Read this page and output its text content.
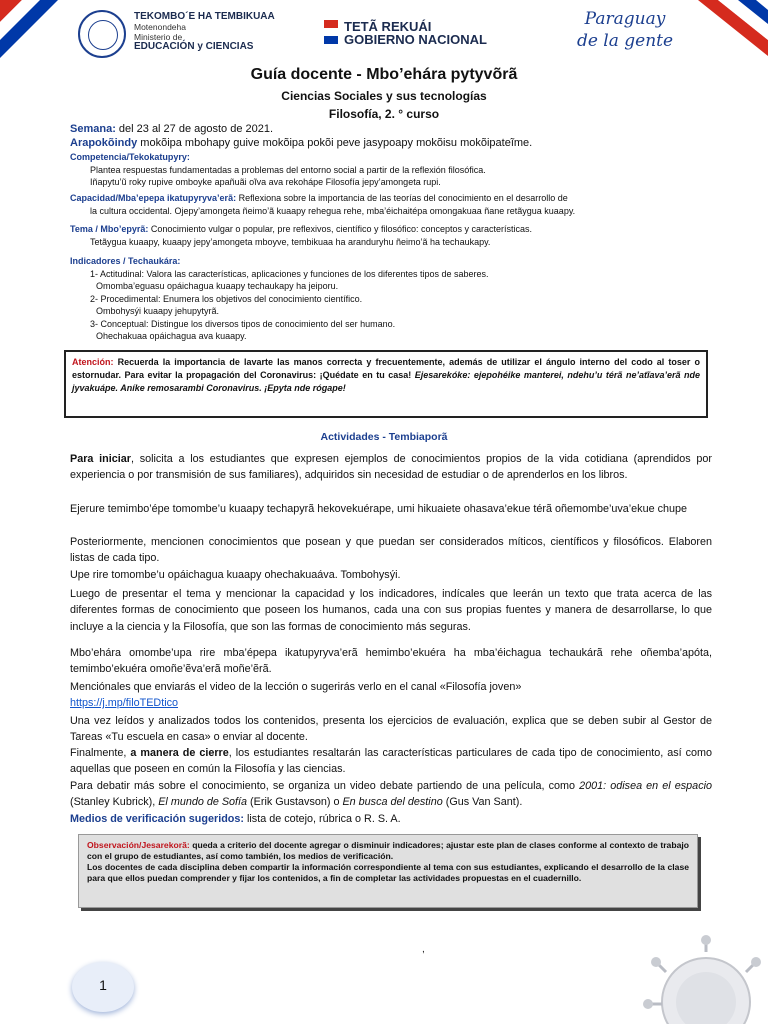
TEKOMBO´E HA TEMBIKUAA
Motenondeha
Ministerio de
EDUCACIÓN y CIENCIAS
TETÃ REKUÁI
GOBIERNO NACIONAL
Paraguay
de la gente
Guía docente - Mbo’ehára pytyvõrã
Ciencias Sociales y sus tecnologías
Filosofía, 2. ° curso
Semana: del 23 al 27 de agosto de 2021.
Arapokõindy mokõipa mbohapy guive mokõipa pokõi peve jasypoapy mokõisu mokõipateĩme.
Competencia/Tekokatupyry:
Plantea respuestas fundamentadas a problemas del entorno social a partir de la reflexión filosófica.
Iñapytu’ũ roky rupive omboyke apañuãi oĩva ava rekohápe Filosofía jepy’amongeta rupi.
Capacidad/Mba’epepa ikatupyryva’erã: Reflexiona sobre la importancia de las teorías del conocimiento en el desarrollo de
la cultura occidental. Ojepy’amongeta ñeimo’ã kuaapy rehegua rehe, mba’éichaitépa omongakuaa ñane retãygua kuaapy.
Tema / Mbo’epyrã: Conocimiento vulgar o popular, pre reflexivos, científico y filosófico: conceptos y características.
Tetãygua kuaapy, kuaapy jepy’amongeta mboyve, tembikuaa ha aranduryhu ñeimo’ã ha techaukapy.
Indicadores / Techaukára:
1- Actitudinal: Valora las características, aplicaciones y funciones de los diferentes tipos de saberes.
Omomba’eguasu opáichagua kuaapy techaukapy ha jeiporu.
2- Procedimental: Enumera los objetivos del conocimiento científico.
Ombohysýi kuaapy jehupytyrã.
3- Conceptual: Distingue los diversos tipos de conocimiento del ser humano.
Ohechakuaa opáichagua ava kuaapy.
Atención: Recuerda la importancia de lavarte las manos correcta y frecuentemente, además de utilizar el ángulo interno del codo al toser o estornudar. Para evitar la propagación del Coronavirus: ¡Quédate en tu casa! Ejesarekóke: ejepohéike manterei, ndehu’u térã ne’atĩava’erã nde jyvakuápe. Aníke remosarambi Coronavirus. ¡Epyta nde rógape!
Actividades - Tembiaporã
Para iniciar, solicita a los estudiantes que expresen ejemplos de conocimientos propios de la vida cotidiana (aprendidos por experiencia o por transmisión de sus familiares), adquiridos sin necesidad de estudiar o de aprenderlos en los libros.
Ejerure temimbo’épe tomombe’u kuaapy techapyrã hekovekuérape, umi hikuaiete ohasava’ekue térã oñemombe’uva’ekue chupe
Posteriormente, mencionen conocimientos que posean y que puedan ser considerados míticos, científicos y filosóficos. Elaboren listas de cada tipo.
Upe rire tomombe’u opáichagua kuaapy ohechakuaáva. Tombohysýi.
Luego de presentar el tema y mencionar la capacidad y los indicadores, indícales que leerán un texto que trata acerca de las diferentes formas de conocimiento que poseen los humanos, cada una con sus propias fuentes y manera de desarrollarse, lo que incluye a la ciencia y la Filosofía, que son las formas de conocimiento más seguras.
Mbo’ehára omombe’upa rire mba’épepa ikatupyryva’erã hemimbo’ekuéra ha mba’éichagua techaukárã rehe oñemba’apóta, temimbo’ekuéra omoñe’ẽva’erã moñe’ẽrã.
Menciónales que enviarás el video de la lección o sugerirás verlo en el canal «Filosofía joven»
https://j.mp/filoTEDtico
Una vez leídos y analizados todos los contenidos, presenta los ejercicios de evaluación, explica que se deben subir al Gestor de Tareas «Tu escuela en casa» o enviar al docente.
Finalmente, a manera de cierre, los estudiantes resaltarán las características particulares de cada tipo de conocimiento, así como aquellas que poseen en común la Filosofía y las ciencias.
Para debatir más sobre el conocimiento, se organiza un video debate partiendo de una película, como 2001: odisea en el espacio (Stanley Kubrick), El mundo de Sofía (Erik Gustavson) o En busca del destino (Gus Van Sant).
Medios de verificación sugeridos: lista de cotejo, rúbrica o R. S. A.
Observación/Jesarekorã: queda a criterio del docente agregar o disminuir indicadores; ajustar este plan de clases conforme al contexto de trabajo con el grupo de estudiantes, así como también, los medios de verificación.
Los docentes de cada disciplina deben compartir la información correspondiente al tema con sus estudiantes, explicando el desarrollo de la clase para que ellos puedan comprender y fijar los contenidos, a fin de completar las actividades propuestas en el cuadernillo.
,
1
